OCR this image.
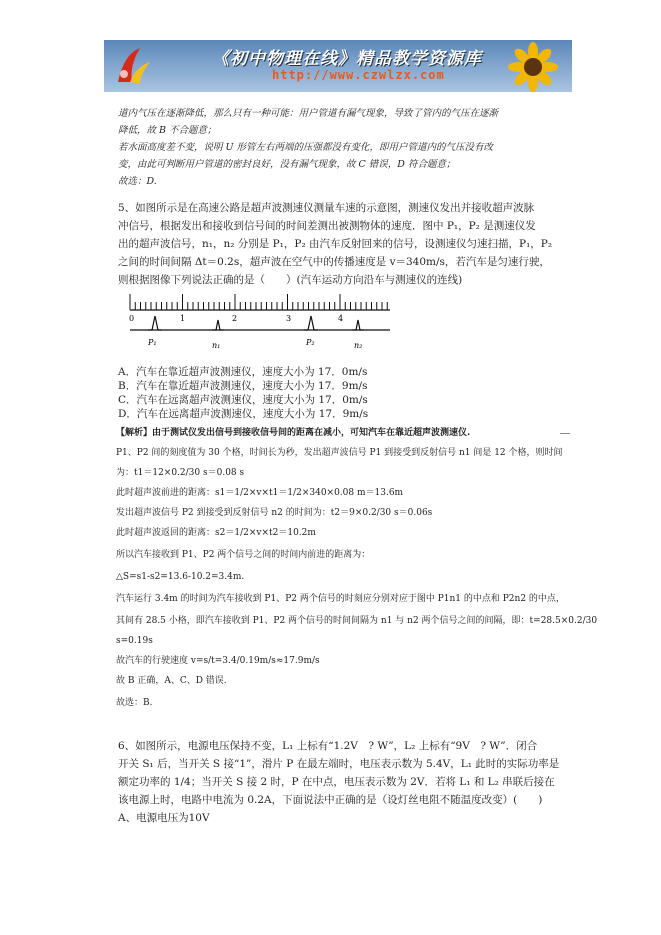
《初中物理在线》精品教学资源库
http://www.czwlzx.com
道内气压在逐渐降低，那么只有一种可能：用户管道有漏气现象，导致了管内的气压在逐渐
降低，故 B 不合题意；
若水面高度差不变，说明 U 形管左右两端的压强都没有变化，即用户管道内的气压没有改
变，由此可判断用户管道的密封良好，没有漏气现象，故 C 错误，D 符合题意；
故选：D.
5、如图所示是在高速公路是超声波测速仪测量车速的示意图，测速仪发出并接收超声波脉
冲信号，根据发出和接收到信号间的时间差测出被测物体的速度．图中 P₁，P₂ 是测速仪发
出的超声波信号，n₁，n₂ 分别是 P₁，P₂ 由汽车反射回来的信号，设测速仪匀速扫描，P₁，P₂
之间的时间间隔 Δt＝0.2s，超声波在空气中的传播速度是 v＝340m/s，若汽车是匀速行驶，
则根据图像下列说法正确的是（　　）(汽车运动方向沿车与测速仪的连线)
0	1	2	3	4
P₁	n₁	P₂	n₂
A．汽车在靠近超声波测速仪，速度大小为 17．0m/s
B．汽车在靠近超声波测速仪，速度大小为 17．9m/s
C．汽车在远离超声波测速仪，速度大小为 17．0m/s
D．汽车在远离超声波测速仪，速度大小为 17．9m/s
【解析】由于测试仪发出信号到接收信号间的距离在减小，可知汽车在靠近超声波测速仪.
P1、P2 间的刻度值为 30 个格，时间长为秒，发出超声波信号 P1 到接受到反射信号 n1 间是 12 个格，则时间
为：t1＝12×0.2/30 s＝0.08 s
此时超声波前进的距离：s1＝1/2×v×t1＝1/2×340×0.08 m＝13.6m
发出超声波信号 P2 到接受到反射信号 n2 的时间为：t2＝9×0.2/30 s＝0.06s
此时超声波返回的距离：s2＝1/2×v×t2＝10.2m
所以汽车接收到 P1、P2 两个信号之间的时间内前进的距离为：
△S=s1-s2=13.6-10.2=3.4m.
汽车运行 3.4m 的时间为汽车接收到 P1、P2 两个信号的时刻应分别对应于图中 P1n1 的中点和 P2n2 的中点，
其间有 28.5 小格，即汽车接收到 P1、P2 两个信号的时间间隔为 n1 与 n2 两个信号之间的间隔，即：t=28.5×0.2/30
s=0.19s
故汽车的行驶速度 v=s/t=3.4/0.19m/s≈17.9m/s
故 B 正确，A、C、D 错误.
故选：B.
6、如图所示，电源电压保持不变，L₁ 上标有“1.2V　? W”，L₂ 上标有“9V　? W”．闭合
开关 S₁ 后，当开关 S 接“1”，滑片 P 在最左端时，电压表示数为 5.4V，L₁ 此时的实际功率是
额定功率的 1/4；当开关 S 接 2 时，P 在中点，电压表示数为 2V．若将 L₁ 和 L₂ 串联后接在
该电源上时，电路中电流为 0.2A，下面说法中正确的是（设灯丝电阻不随温度改变）(　　)
A、电源电压为10V
